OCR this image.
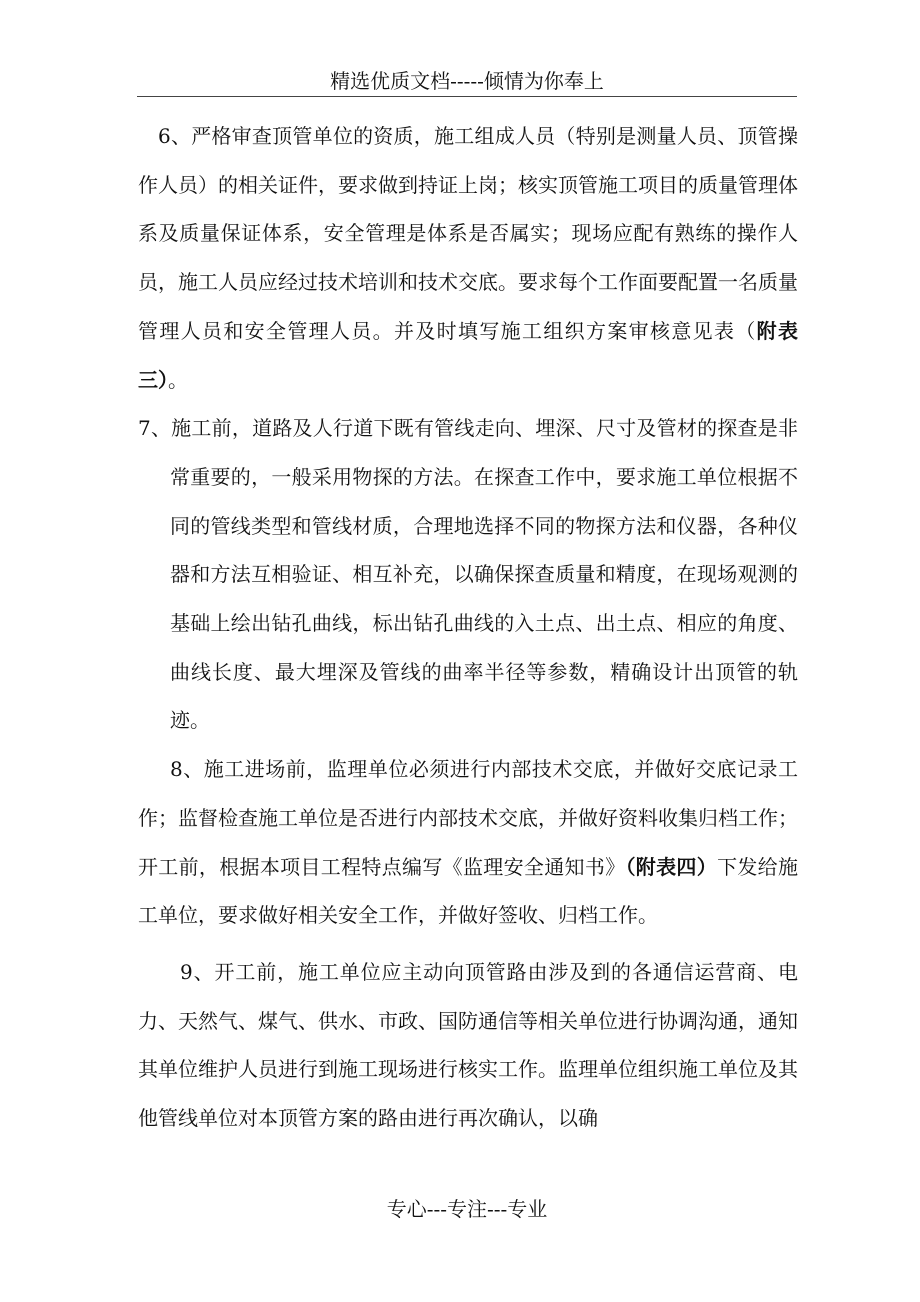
精选优质文档-----倾情为你奉上

6、严格审查顶管单位的资质，施工组成人员（特别是测量人员、顶管操作人员）的相关证件，要求做到持证上岗；核实顶管施工项目的质量管理体系及质量保证体系，安全管理是体系是否属实；现场应配有熟练的操作人员，施工人员应经过技术培训和技术交底。要求每个工作面要配置一名质量管理人员和安全管理人员。并及时填写施工组织方案审核意见表（附表三）。

7、施工前，道路及人行道下既有管线走向、埋深、尺寸及管材的探查是非常重要的，一般采用物探的方法。在探查工作中，要求施工单位根据不同的管线类型和管线材质，合理地选择不同的物探方法和仪器，各种仪器和方法互相验证、相互补充，以确保探查质量和精度，在现场观测的基础上绘出钻孔曲线，标出钻孔曲线的入土点、出土点、相应的角度、曲线长度、最大埋深及管线的曲率半径等参数，精确设计出顶管的轨迹。

8、施工进场前，监理单位必须进行内部技术交底，并做好交底记录工作；监督检查施工单位是否进行内部技术交底，并做好资料收集归档工作；开工前，根据本项目工程特点编写《监理安全通知书》（附表四）下发给施工单位，要求做好相关安全工作，并做好签收、归档工作。

9、开工前，施工单位应主动向顶管路由涉及到的各通信运营商、电力、天然气、煤气、供水、市政、国防通信等相关单位进行协调沟通，通知其单位维护人员进行到施工现场进行核实工作。监理单位组织施工单位及其他管线单位对本顶管方案的路由进行再次确认，以确

专心---专注---专业
